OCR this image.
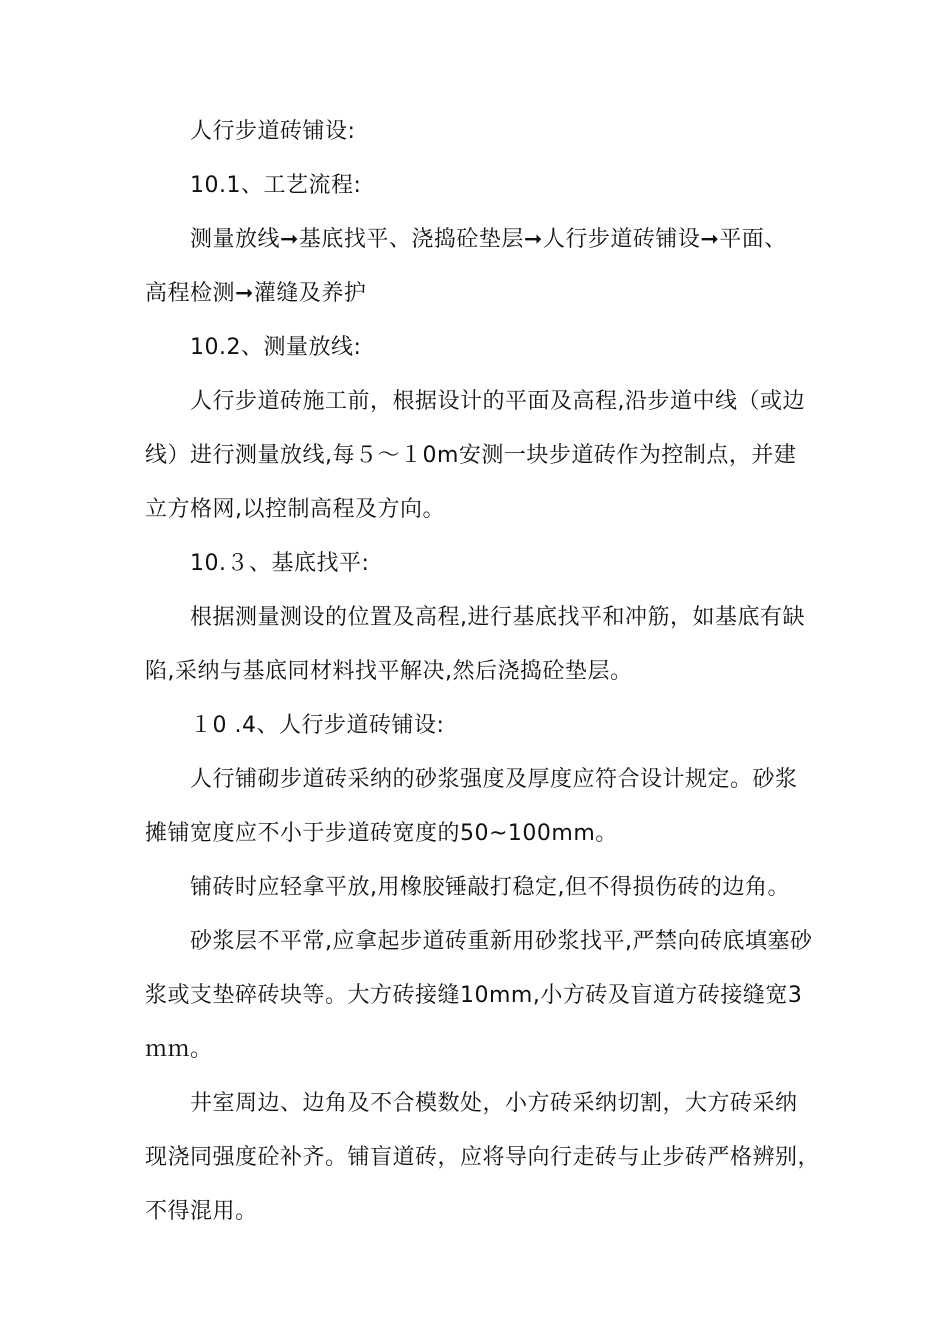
人行步道砖铺设:
10.1、工艺流程:
测量放线➞基底找平、浇捣砼垫层➞人行步道砖铺设➞平面、
高程检测➞灌缝及养护
10.2、测量放线:
人行步道砖施工前，根据设计的平面及高程,沿步道中线（或边
线）进行测量放线,每５～１0m安测一块步道砖作为控制点，并建
立方格网,以控制高程及方向。
10.３、基底找平:
根据测量测设的位置及高程,进行基底找平和冲筋，如基底有缺
陷,采纳与基底同材料找平解决,然后浇捣砼垫层。
１0 .4、人行步道砖铺设:
人行铺砌步道砖采纳的砂浆强度及厚度应符合设计规定。砂浆
摊铺宽度应不小于步道砖宽度的50~100mm。
铺砖时应轻拿平放,用橡胶锤敲打稳定,但不得损伤砖的边角。
砂浆层不平常,应拿起步道砖重新用砂浆找平,严禁向砖底填塞砂
浆或支垫碎砖块等。大方砖接缝10mm,小方砖及盲道方砖接缝宽3
ｍｍ。
井室周边、边角及不合模数处，小方砖采纳切割，大方砖采纳
现浇同强度砼补齐。铺盲道砖，应将导向行走砖与止步砖严格辨别，
不得混用。
